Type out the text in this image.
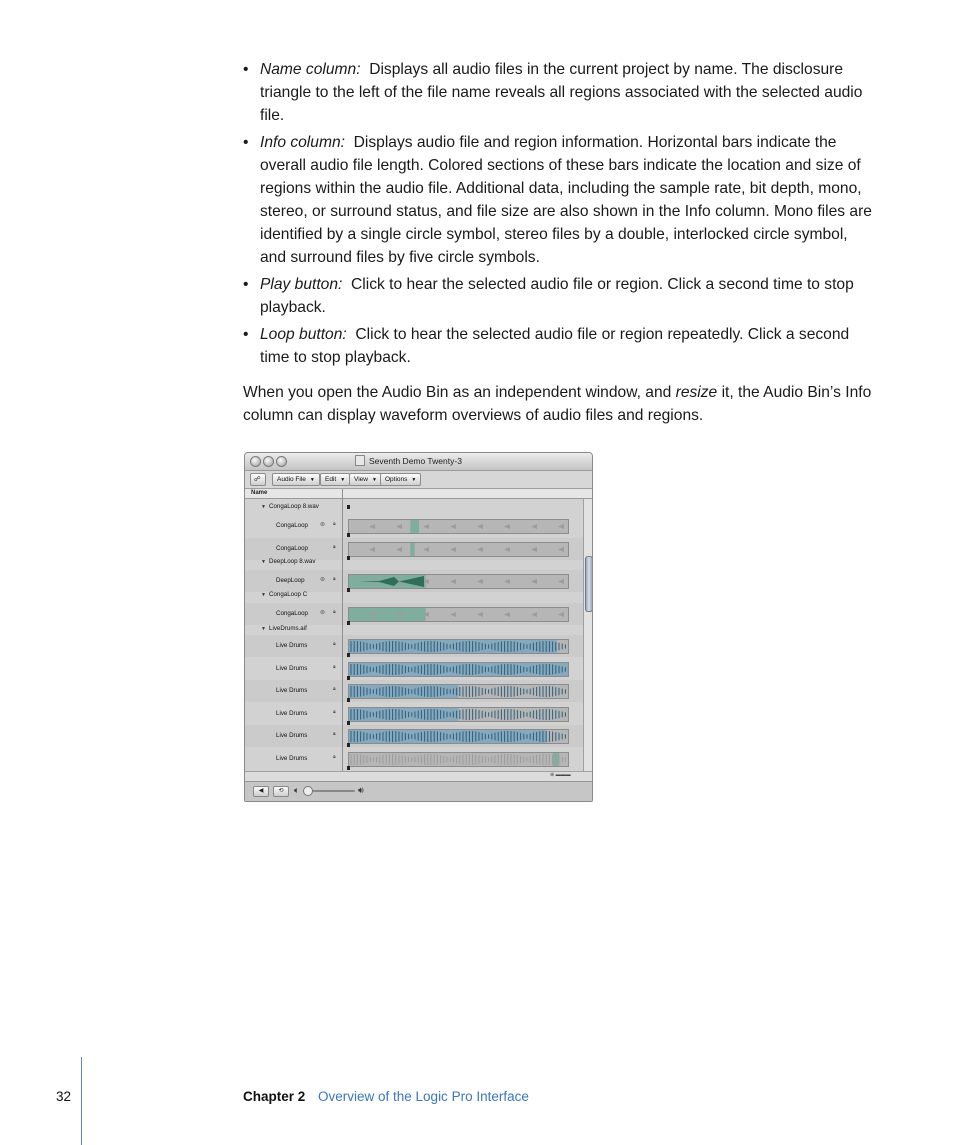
• Name column: Displays all audio files in the current project by name. The disclosure triangle to the left of the file name reveals all regions associated with the selected audio file.
• Info column: Displays audio file and region information. Horizontal bars indicate the overall audio file length. Colored sections of these bars indicate the location and size of regions within the audio file. Additional data, including the sample rate, bit depth, mono, stereo, or surround status, and file size are also shown in the Info column. Mono files are identified by a single circle symbol, stereo files by a double, interlocked circle symbol, and surround files by five circle symbols.
• Play button: Click to hear the selected audio file or region. Click a second time to stop playback.
• Loop button: Click to hear the selected audio file or region repeatedly. Click a second time to stop playback.
When you open the Audio Bin as an independent window, and resize it, the Audio Bin’s Info column can display waveform overviews of audio files and regions.
Seventh Demo Twenty-3
☍	Audio File ▼	Edit ▼	View ▼	Options ▼
Name
▼ CongaLoop 8.wav
🔒︎
⊚
CongaLoop
🔒︎
CongaLoop
▼ DeepLoop 8.wav
🔒︎
⊚
DeepLoop
▼ CongaLoop C
🔒︎
⊚
CongaLoop
▼ LiveDrums.aif
🔒︎
Live Drums
🔒︎
Live Drums
🔒︎
Live Drums
🔒︎
Live Drums
🔒︎
Live Drums
🔒︎
Live Drums
⊕ ▬▬▬
◀	⟲	🔈︎	🔊︎
32	Chapter 2 Overview of the Logic Pro Interface
